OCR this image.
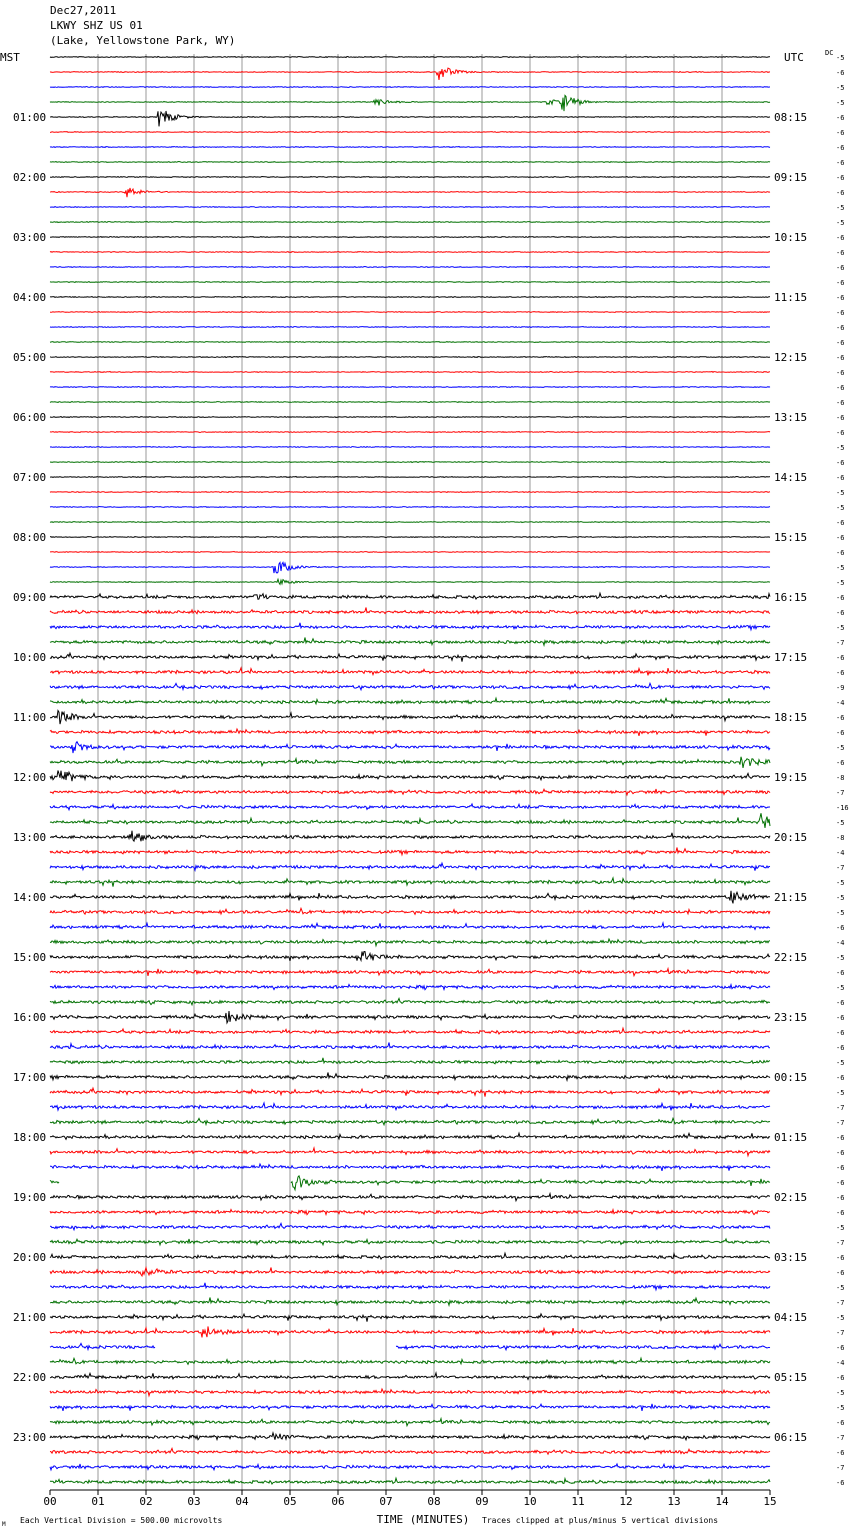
Dec27,2011
LKWY SHZ US 01
(Lake, Yellowstone Park, WY)
-5
-6
-5
-5
-6
-6
-6
-6
-6
-6
-5
-5
-6
-6
-6
-6
-6
-6
-6
-6
-6
-6
-6
-6
-6
-6
-5
-6
-6
-5
-5
-6
-6
-6
-5
-5
-6
-6
-5
-7
-6
-6
-9
-4
-6
-6
-5
-6
-8
-7
-16
-5
-8
-4
-7
-5
-5
-5
-6
-4
-5
-6
-5
-6
-6
-6
-6
-5
-6
-5
-7
-7
-6
-6
-6
-6
-6
-6
-5
-7
-6
-6
-5
-7
-5
-7
-6
-4
-6
-5
-5
-6
-7
-6
-7
-6
01:00
02:00
03:00
04:00
05:00
06:00
07:00
08:00
09:00
10:00
11:00
12:00
13:00
14:00
15:00
16:00
17:00
18:00
19:00
20:00
21:00
22:00
23:00
08:15
09:15
10:15
11:15
12:15
13:15
14:15
15:15
16:15
17:15
18:15
19:15
20:15
21:15
22:15
23:15
00:15
01:15
02:15
03:15
04:15
05:15
06:15
MST	UTC	DC
00	01	02	03	04	05	06	07	08	09	10	11	12	13	14	15
TIME (MINUTES)
Each Vertical Division = 500.00 microvolts	Traces clipped at plus/minus 5 vertical divisions
M
